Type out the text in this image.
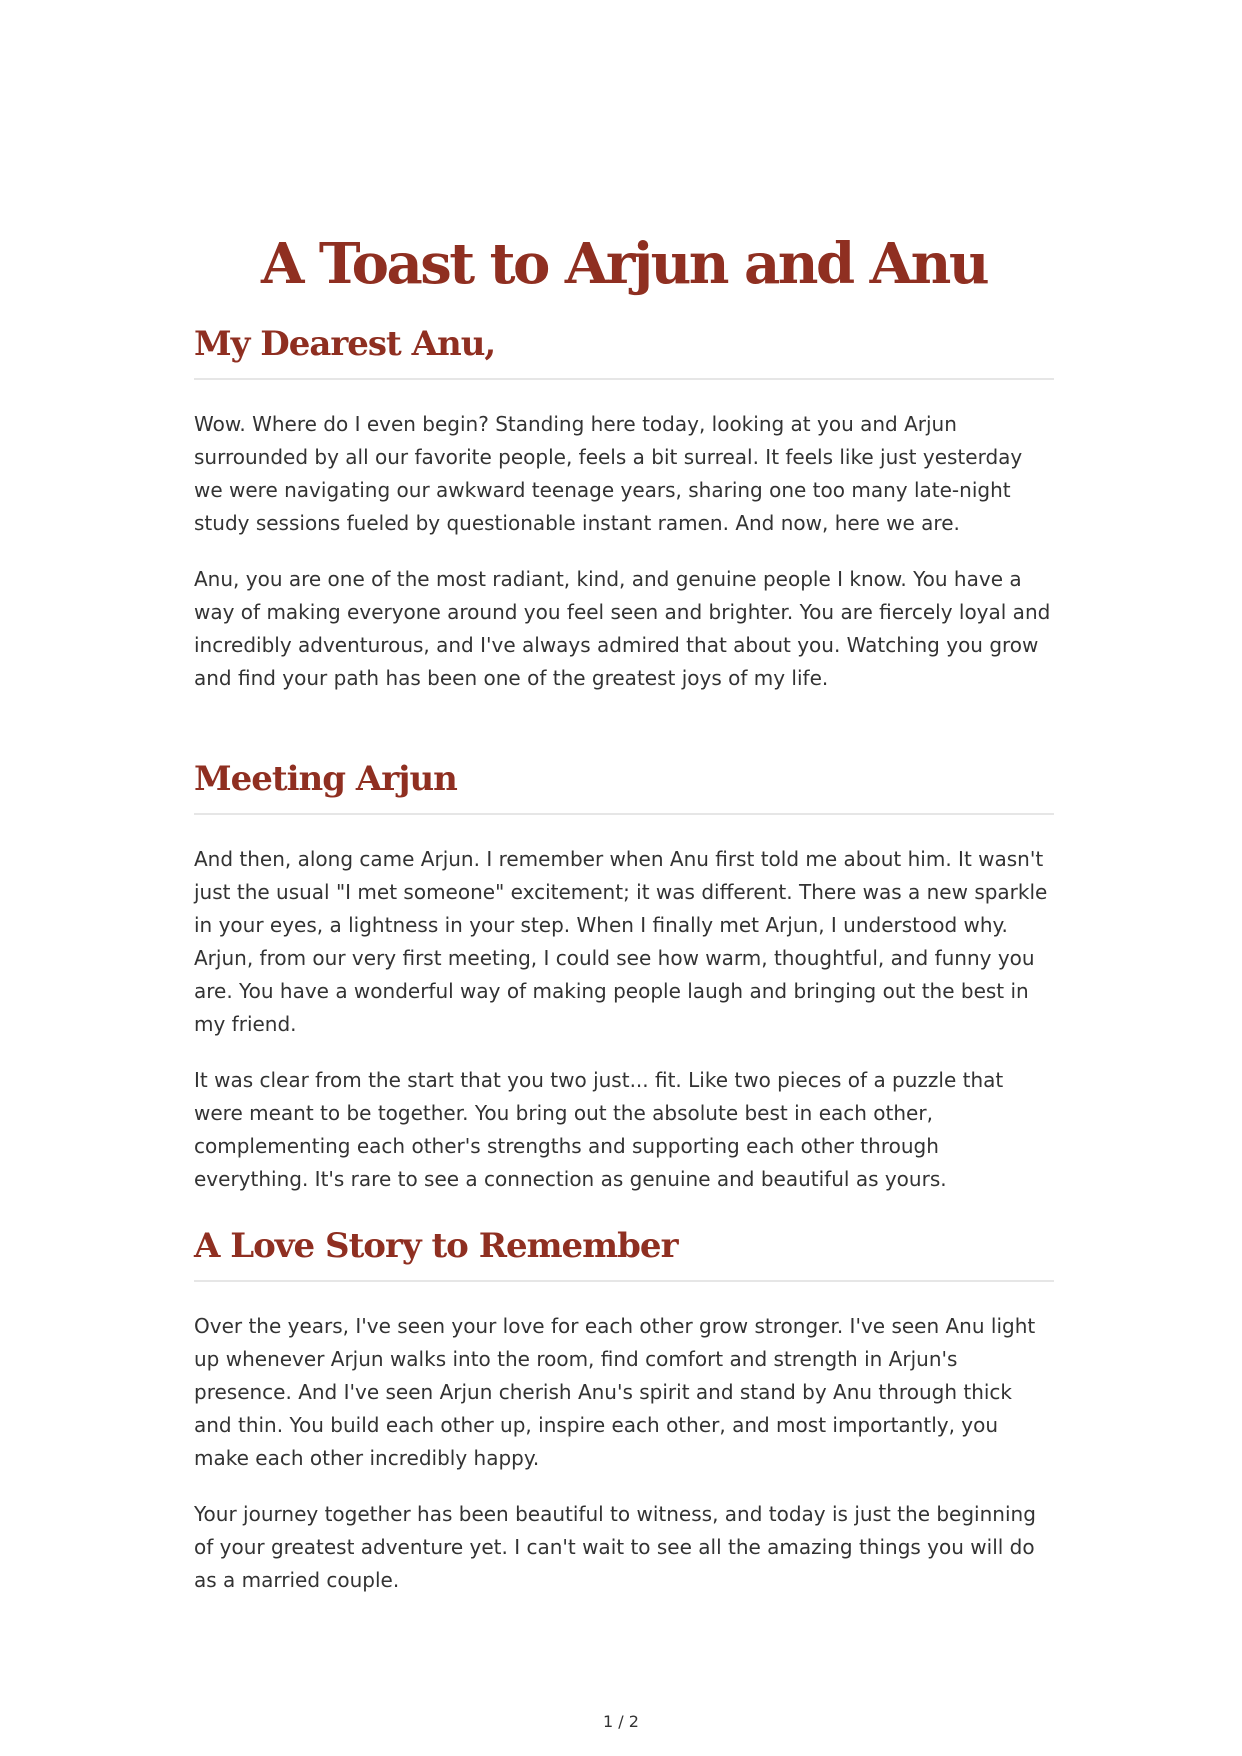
A Toast to Arjun and Anu
My Dearest Anu,

Wow. Where do I even begin? Standing here today, looking at you and Arjun surrounded by all our favorite people, feels a bit surreal. It feels like just yesterday we were navigating our awkward teenage years, sharing one too many late-night study sessions fueled by questionable instant ramen. And now, here we are.

Anu, you are one of the most radiant, kind, and genuine people I know. You have a way of making everyone around you feel seen and brighter. You are fiercely loyal and incredibly adventurous, and I've always admired that about you. Watching you grow and find your path has been one of the greatest joys of my life.

Meeting Arjun

And then, along came Arjun. I remember when Anu first told me about him. It wasn't just the usual "I met someone" excitement; it was different. There was a new sparkle in your eyes, a lightness in your step. When I finally met Arjun, I understood why. Arjun, from our very first meeting, I could see how warm, thoughtful, and funny you are. You have a wonderful way of making people laugh and bringing out the best in my friend.

It was clear from the start that you two just... fit. Like two pieces of a puzzle that were meant to be together. You bring out the absolute best in each other, complementing each other's strengths and supporting each other through everything. It's rare to see a connection as genuine and beautiful as yours.

A Love Story to Remember

Over the years, I've seen your love for each other grow stronger. I've seen Anu light up whenever Arjun walks into the room, find comfort and strength in Arjun's presence. And I've seen Arjun cherish Anu's spirit and stand by Anu through thick and thin. You build each other up, inspire each other, and most importantly, you make each other incredibly happy.

Your journey together has been beautiful to witness, and today is just the beginning of your greatest adventure yet. I can't wait to see all the amazing things you will do as a married couple.

1 / 2
